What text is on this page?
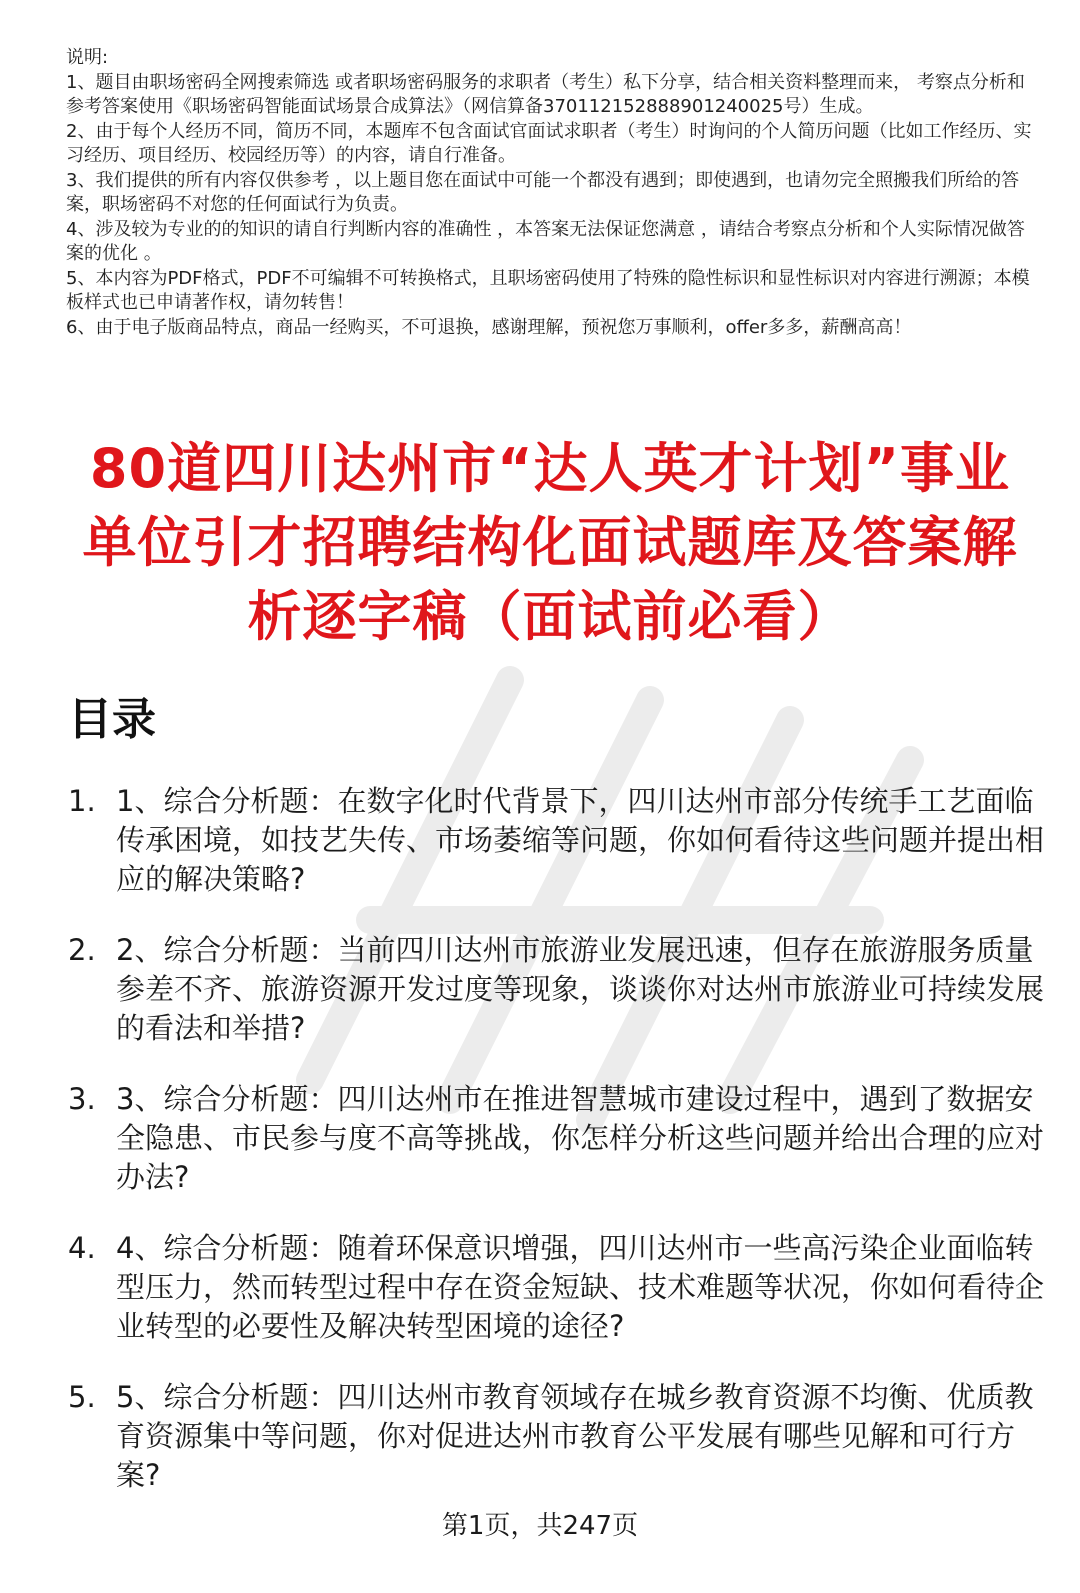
说明:

1、题目由职场密码全网搜索筛选 或者职场密码服务的求职者（考生）私下分享，结合相关资料整理而来， 考察点分析和参考答案使用《职场密码智能面试场景合成算法》（网信算备370112152888901240025号）生成。

2、由于每个人经历不同，简历不同，本题库不包含面试官面试求职者（考生）时询问的个人简历问题（比如工作经历、实习经历、项目经历、校园经历等）的内容，请自行准备。

3、我们提供的所有内容仅供参考 ，以上题目您在面试中可能一个都没有遇到；即使遇到，也请勿完全照搬我们所给的答案，职场密码不对您的任何面试行为负责。

4、涉及较为专业的的知识的请自行判断内容的准确性 ，本答案无法保证您满意 ，请结合考察点分析和个人实际情况做答案的优化 。

5、本内容为PDF格式，PDF不可编辑不可转换格式，且职场密码使用了特殊的隐性标识和显性标识对内容进行溯源；本模板样式也已申请著作权，请勿转售！

6、由于电子版商品特点，商品一经购买，不可退换，感谢理解，预祝您万事顺利，offer多多，薪酬高高！

80道四川达州市“达人英才计划”事业单位引才招聘结构化面试题库及答案解析逐字稿（面试前必看）
目录
1. 1、综合分析题：在数字化时代背景下，四川达州市部分传统手工艺面临传承困境，如技艺失传、市场萎缩等问题，你如何看待这些问题并提出相应的解决策略?
2. 2、综合分析题：当前四川达州市旅游业发展迅速，但存在旅游服务质量参差不齐、旅游资源开发过度等现象，谈谈你对达州市旅游业可持续发展的看法和举措?
3. 3、综合分析题：四川达州市在推进智慧城市建设过程中，遇到了数据安全隐患、市民参与度不高等挑战，你怎样分析这些问题并给出合理的应对办法?
4. 4、综合分析题：随着环保意识增强，四川达州市一些高污染企业面临转型压力，然而转型过程中存在资金短缺、技术难题等状况，你如何看待企业转型的必要性及解决转型困境的途径?
5. 5、综合分析题：四川达州市教育领域存在城乡教育资源不均衡、优质教育资源集中等问题，你对促进达州市教育公平发展有哪些见解和可行方案?
第1页，共247页
